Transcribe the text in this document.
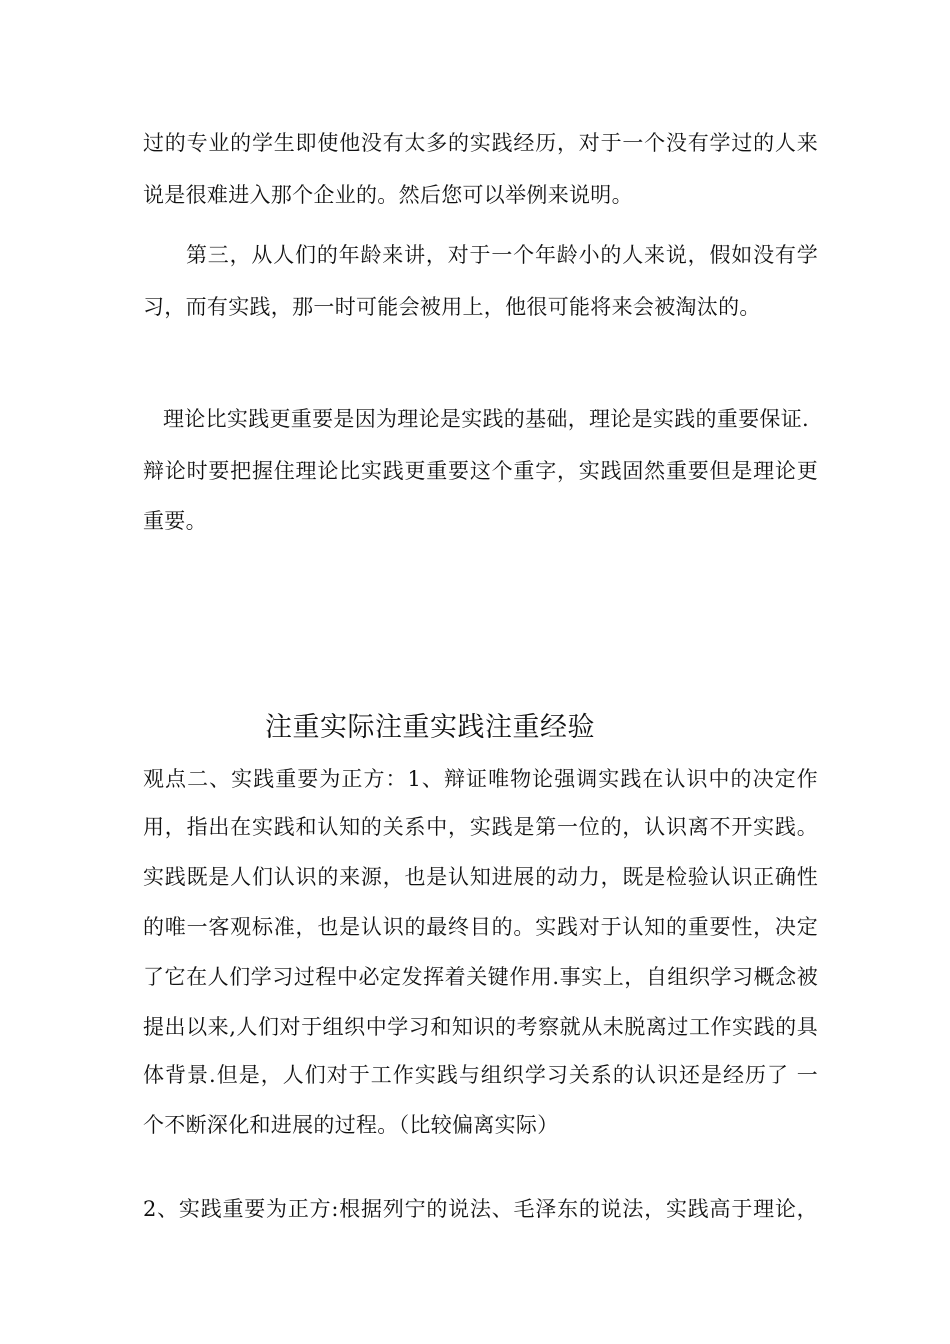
过的专业的学生即使他没有太多的实践经历，对于一个没有学过的人来
说是很难进入那个企业的。然后您可以举例来说明。
第三，从人们的年龄来讲，对于一个年龄小的人来说，假如没有学
习，而有实践，那一时可能会被用上，他很可能将来会被淘汰的。
理论比实践更重要是因为理论是实践的基础，理论是实践的重要保证.
辩论时要把握住理论比实践更重要这个重字，实践固然重要但是理论更
重要。
注重实际注重实践注重经验
观点二、实践重要为正方：1、辩证唯物论强调实践在认识中的决定作
用，指出在实践和认知的关系中，实践是第一位的，认识离不开实践。
实践既是人们认识的来源，也是认知进展的动力，既是检验认识正确性
的唯一客观标准，也是认识的最终目的。实践对于认知的重要性，决定
了它在人们学习过程中必定发挥着关键作用.事实上，自组织学习概念被
提出以来,人们对于组织中学习和知识的考察就从未脱离过工作实践的具
体背景.但是，人们对于工作实践与组织学习关系的认识还是经历了 一
个不断深化和进展的过程。（比较偏离实际）
2、实践重要为正方:根据列宁的说法、毛泽东的说法，实践高于理论，
